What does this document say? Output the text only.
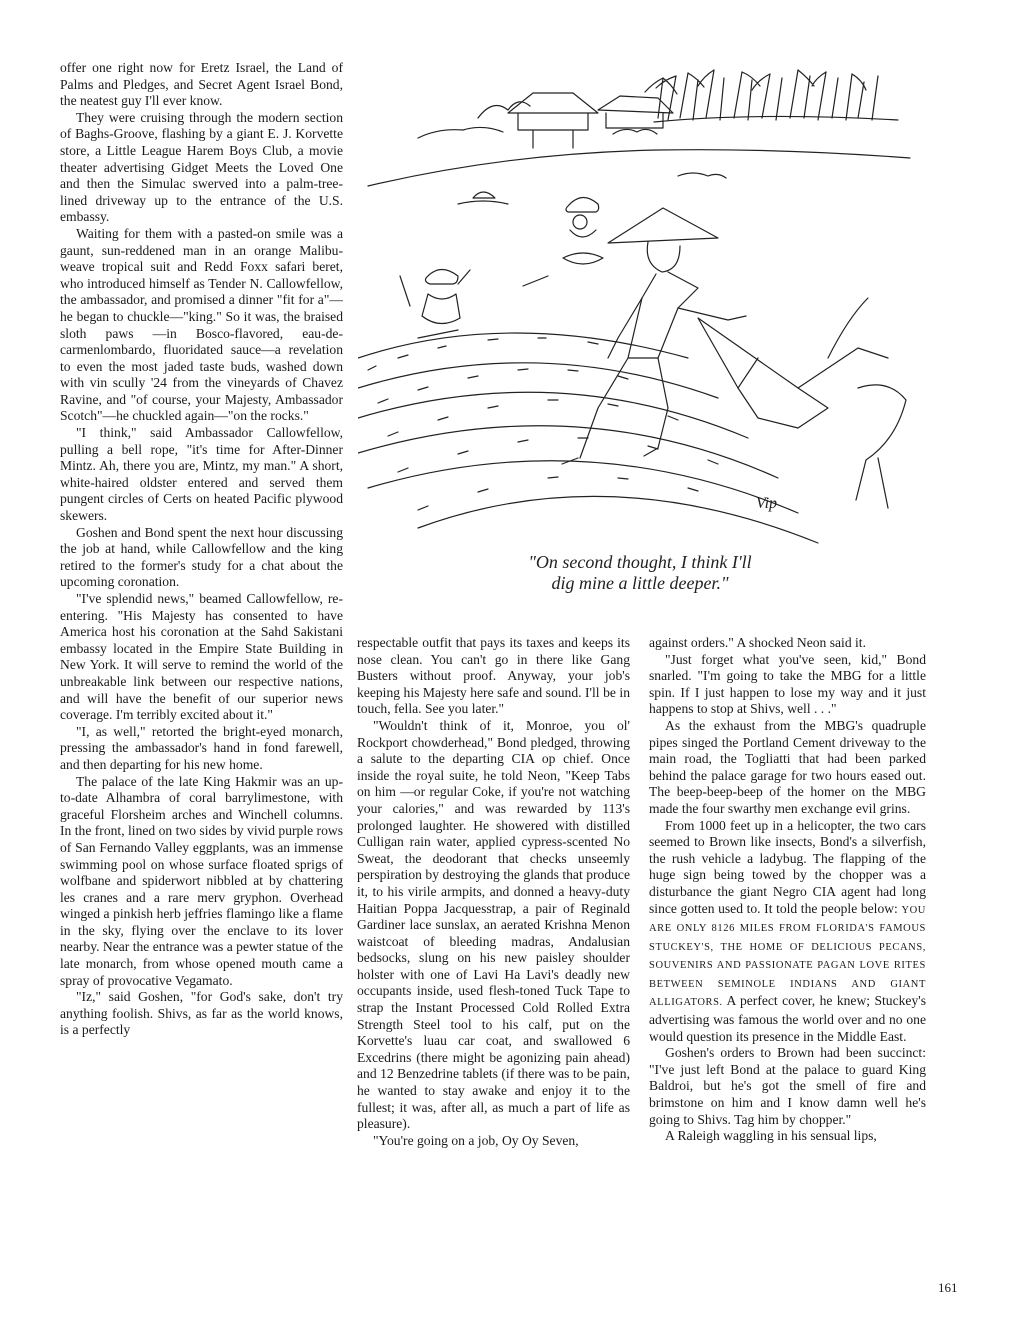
offer one right now for Eretz Israel, the Land of Palms and Pledges, and Secret Agent Israel Bond, the neatest guy I'll ever know.

They were cruising through the modern section of Baghs-Groove, flashing by a giant E. J. Korvette store, a Little League Harem Boys Club, a movie theater advertising Gidget Meets the Loved One and then the Simulac swerved into a palm-tree-lined driveway up to the entrance of the U.S. embassy.

Waiting for them with a pasted-on smile was a gaunt, sun-reddened man in an orange Malibu-weave tropical suit and Redd Foxx safari beret, who introduced himself as Tender N. Callowfellow, the ambassador, and promised a dinner "fit for a"—he began to chuckle—"king." So it was, the braised sloth paws —in Bosco-flavored, eau-de-carmenlombardo, fluoridated sauce—a revelation to even the most jaded taste buds, washed down with vin scully '24 from the vineyards of Chavez Ravine, and "of course, your Majesty, Ambassador Scotch"—he chuckled again—"on the rocks."

"I think," said Ambassador Callowfellow, pulling a bell rope, "it's time for After-Dinner Mintz. Ah, there you are, Mintz, my man." A short, white-haired oldster entered and served them pungent circles of Certs on heated Pacific plywood skewers.

Goshen and Bond spent the next hour discussing the job at hand, while Callowfellow and the king retired to the former's study for a chat about the upcoming coronation.

"I've splendid news," beamed Callowfellow, re-entering. "His Majesty has consented to have America host his coronation at the Sahd Sakistani embassy located in the Empire State Building in New York. It will serve to remind the world of the unbreakable link between our respective nations, and will have the benefit of our superior news coverage. I'm terribly excited about it."

"I, as well," retorted the bright-eyed monarch, pressing the ambassador's hand in fond farewell, and then departing for his new home.

The palace of the late King Hakmir was an up-to-date Alhambra of coral barrylimestone, with graceful Florsheim arches and Winchell columns. In the front, lined on two sides by vivid purple rows of San Fernando Valley eggplants, was an immense swimming pool on whose surface floated sprigs of wolfbane and spiderwort nibbled at by chattering les cranes and a rare merv gryphon. Overhead winged a pinkish herb jeffries flamingo like a flame in the sky, flying over the enclave to its lover nearby. Near the entrance was a pewter statue of the late monarch, from whose opened mouth came a spray of provocative Vegamato.

"Iz," said Goshen, "for God's sake, don't try anything foolish. Shivs, as far as the world knows, is a perfectly

Vip
"On second thought, I think I'll
dig mine a little deeper."

respectable outfit that pays its taxes and keeps its nose clean. You can't go in there like Gang Busters without proof. Anyway, your job's keeping his Majesty here safe and sound. I'll be in touch, fella. See you later."

"Wouldn't think of it, Monroe, you ol' Rockport chowderhead," Bond pledged, throwing a salute to the departing CIA op chief. Once inside the royal suite, he told Neon, "Keep Tabs on him —or regular Coke, if you're not watching your calories," and was rewarded by 113's prolonged laughter. He showered with distilled Culligan rain water, applied cypress-scented No Sweat, the deodorant that checks unseemly perspiration by destroying the glands that produce it, to his virile armpits, and donned a heavy-duty Haitian Poppa Jacquesstrap, a pair of Reginald Gardiner lace sunslax, an aerated Krishna Menon waistcoat of bleeding madras, Andalusian bedsocks, slung on his new paisley shoulder holster with one of Lavi Ha Lavi's deadly new occupants inside, used flesh-toned Tuck Tape to strap the Instant Processed Cold Rolled Extra Strength Steel tool to his calf, put on the Korvette's luau car coat, and swallowed 6 Excedrins (there might be agonizing pain ahead) and 12 Benzedrine tablets (if there was to be pain, he wanted to stay awake and enjoy it to the fullest; it was, after all, as much a part of life as pleasure).

"You're going on a job, Oy Oy Seven,

against orders." A shocked Neon said it.

"Just forget what you've seen, kid," Bond snarled. "I'm going to take the MBG for a little spin. If I just happen to lose my way and it just happens to stop at Shivs, well . . ."

As the exhaust from the MBG's quadruple pipes singed the Portland Cement driveway to the main road, the Togliatti that had been parked behind the palace garage for two hours eased out. The beep-beep-beep of the homer on the MBG made the four swarthy men exchange evil grins.

From 1000 feet up in a helicopter, the two cars seemed to Brown like insects, Bond's a silverfish, the rush vehicle a ladybug. The flapping of the huge sign being towed by the chopper was a disturbance the giant Negro CIA agent had long since gotten used to. It told the people below: YOU ARE ONLY 8126 MILES FROM FLORIDA'S FAMOUS STUCKEY'S, THE HOME OF DELICIOUS PECANS, SOUVENIRS AND PASSIONATE PAGAN LOVE RITES BETWEEN SEMINOLE INDIANS AND GIANT ALLIGATORS. A perfect cover, he knew; Stuckey's advertising was famous the world over and no one would question its presence in the Middle East.

Goshen's orders to Brown had been succinct: "I've just left Bond at the palace to guard King Baldroi, but he's got the smell of fire and brimstone on him and I know damn well he's going to Shivs. Tag him by chopper."

A Raleigh waggling in his sensual lips,

161
